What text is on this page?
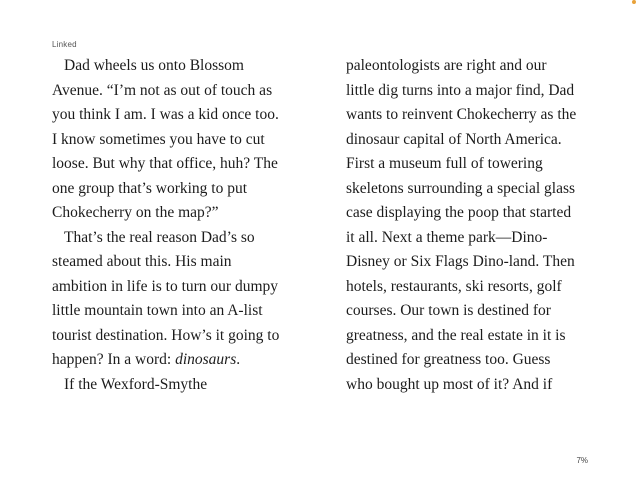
Linked
Dad wheels us onto Blossom
Avenue. “I’m not as out of touch as
you think I am. I was a kid once too.
I know sometimes you have to cut
loose. But why that office, huh? The
one group that’s working to put
Chokecherry on the map?”
That’s the real reason Dad’s so
steamed about this. His main
ambition in life is to turn our dumpy
little mountain town into an A-list
tourist destination. How’s it going to
happen? In a word: dinosaurs.
If the Wexford-Smythe
paleontologists are right and our
little dig turns into a major find, Dad
wants to reinvent Chokecherry as the
dinosaur capital of North America.
First a museum full of towering
skeletons surrounding a special glass
case displaying the poop that started
it all. Next a theme park—Dino-
Disney or Six Flags Dino-land. Then
hotels, restaurants, ski resorts, golf
courses. Our town is destined for
greatness, and the real estate in it is
destined for greatness too. Guess
who bought up most of it? And if
7%
